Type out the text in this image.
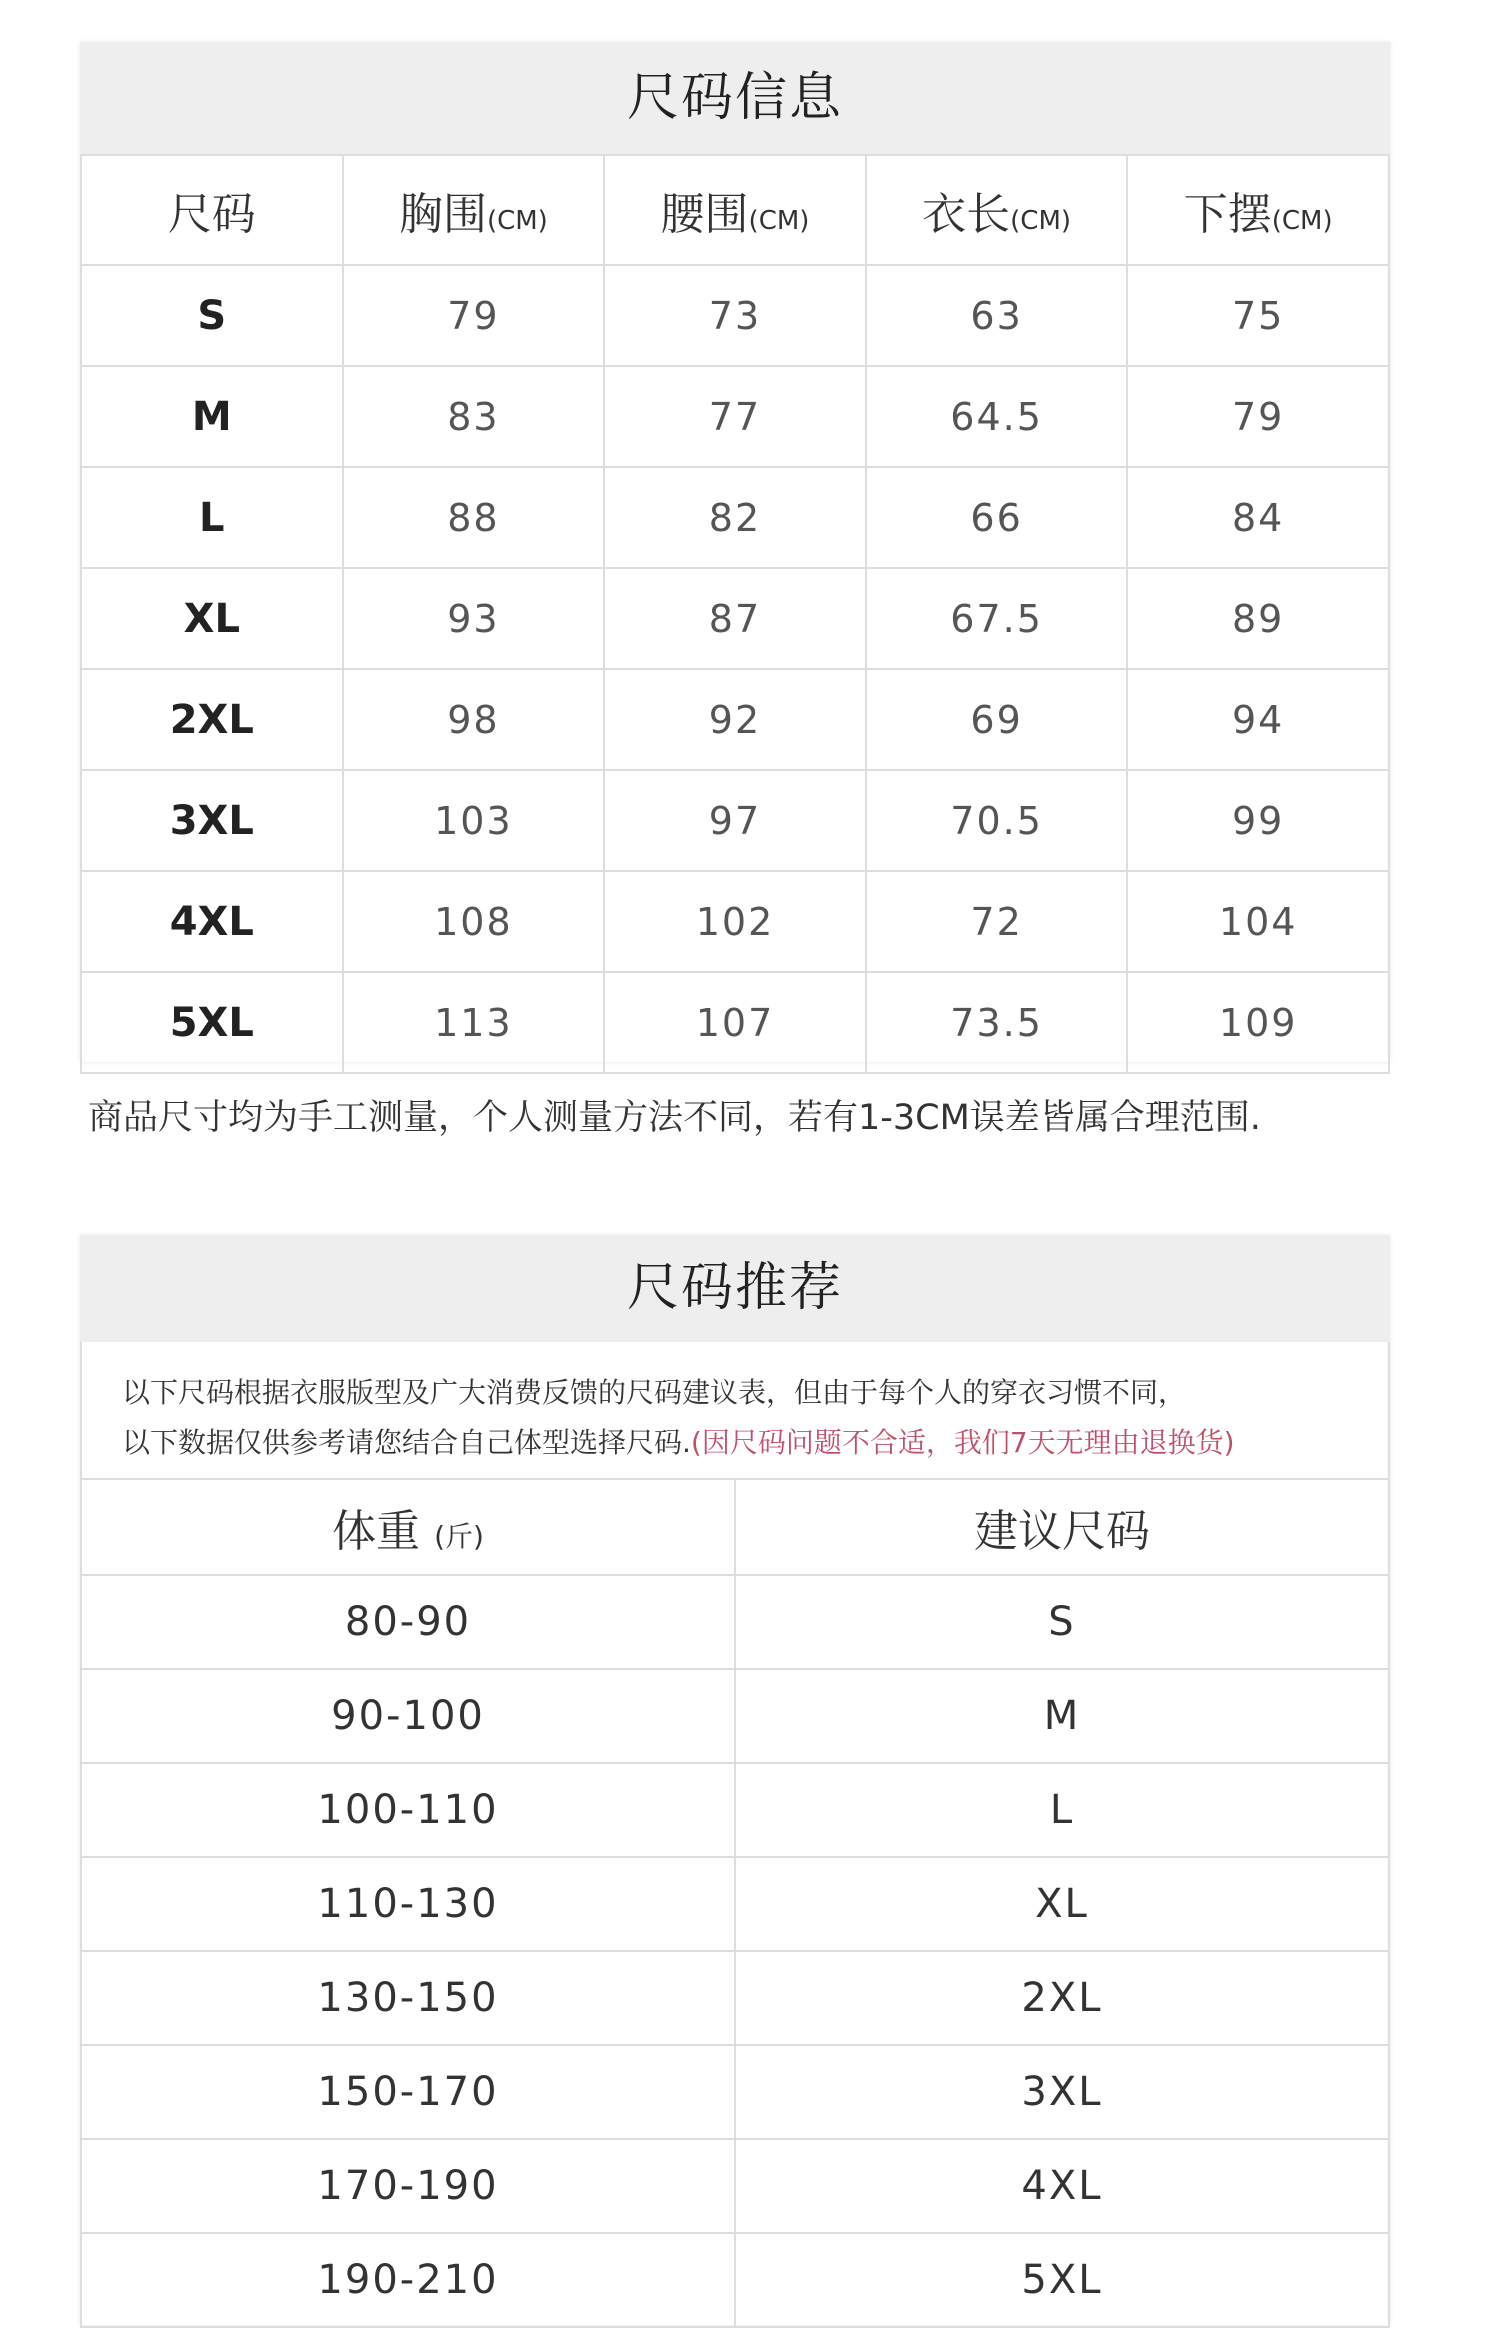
尺码信息
尺码	胸围(CM)	腰围(CM)	衣长(CM)	下摆(CM)
S	79	73	63	75
M	83	77	64.5	79
L	88	82	66	84
XL	93	87	67.5	89
2XL	98	92	69	94
3XL	103	97	70.5	99
4XL	108	102	72	104
5XL	113	107	73.5	109
商品尺寸均为手工测量，个人测量方法不同，若有1-3CM误差皆属合理范围.
尺码推荐
以下尺码根据衣服版型及广大消费反馈的尺码建议表，但由于每个人的穿衣习惯不同，
以下数据仅供参考请您结合自己体型选择尺码.(因尺码问题不合适，我们7天无理由退换货)
体重 (斤)	建议尺码
80-90	S
90-100	M
100-110	L
110-130	XL
130-150	2XL
150-170	3XL
170-190	4XL
190-210	5XL
